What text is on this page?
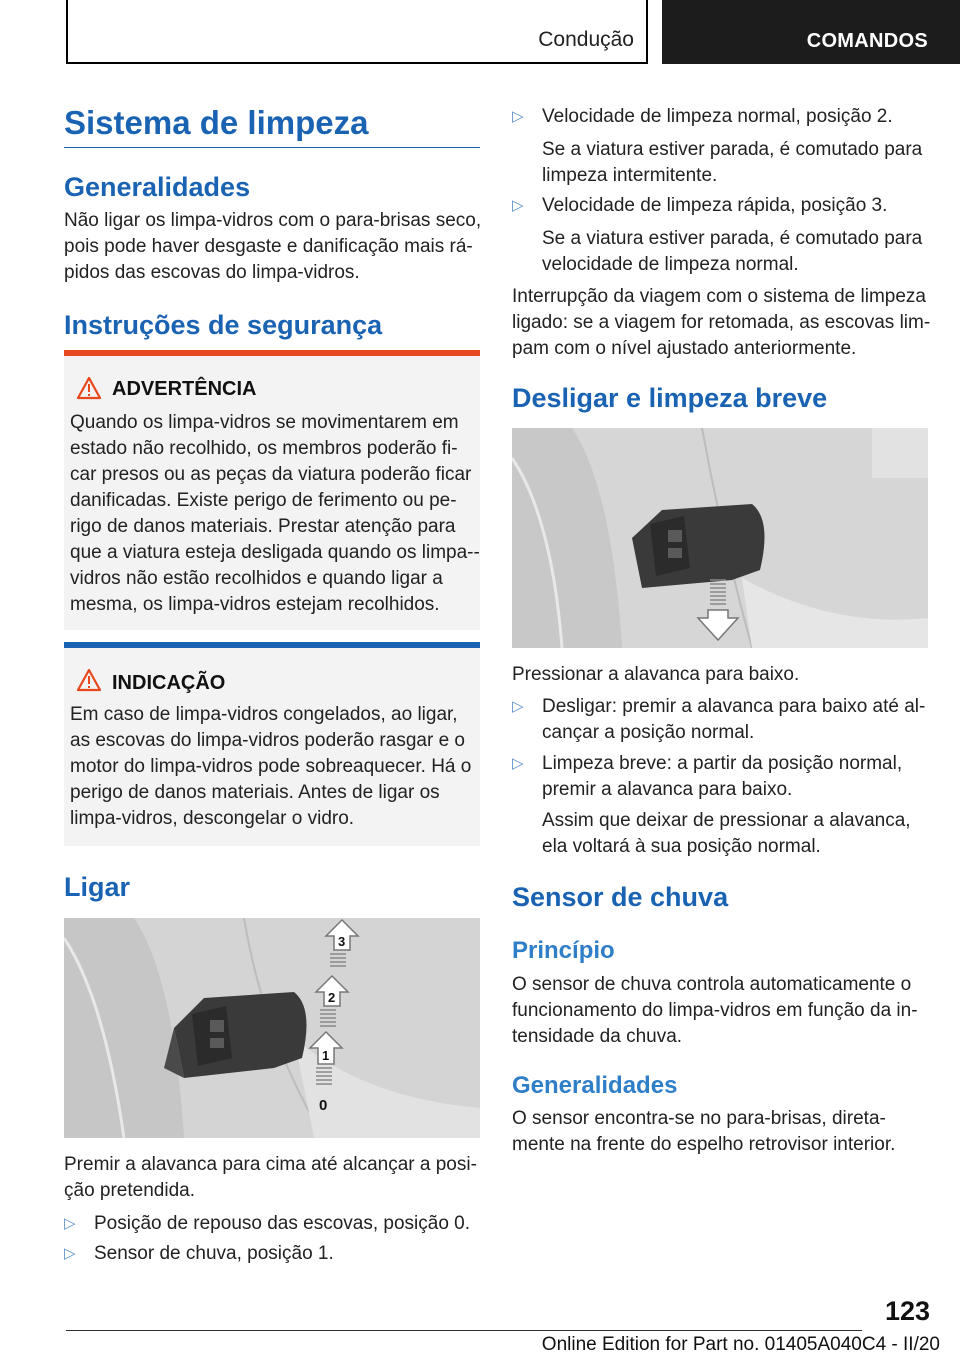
Condução	COMANDOS
Sistema de limpeza
Generalidades

Não ligar os limpa-vidros com o para-brisas seco, pois pode haver desgaste e danificação mais rá-pidos das escovas do limpa-vidros.

Instruções de segurança
ADVERTÊNCIA

Quando os limpa-vidros se movimentarem em estado não recolhido, os membros poderão fi-car presos ou as peças da viatura poderão ficar danificadas. Existe perigo de ferimento ou pe-rigo de danos materiais. Prestar atenção para que a viatura esteja desligada quando os limpa--vidros não estão recolhidos e quando ligar a mesma, os limpa-vidros estejam recolhidos.

INDICAÇÃO

Em caso de limpa-vidros congelados, ao ligar, as escovas do limpa-vidros poderão rasgar e o motor do limpa-vidros pode sobreaquecer. Há o perigo de danos materiais. Antes de ligar os limpa-vidros, descongelar o vidro.

Ligar
3
2
1
0

Premir a alavanca para cima até alcançar a posi-ção pretendida.

▷ Posição de repouso das escovas, posição 0.
▷ Sensor de chuva, posição 1.
▷ Velocidade de limpeza normal, posição 2.

Se a viatura estiver parada, é comutado para limpeza intermitente.

▷ Velocidade de limpeza rápida, posição 3.

Se a viatura estiver parada, é comutado para velocidade de limpeza normal.

Interrupção da viagem com o sistema de limpeza ligado: se a viagem for retomada, as escovas lim-pam com o nível ajustado anteriormente.

Desligar e limpeza breve

Pressionar a alavanca para baixo.

▷ Desligar: premir a alavanca para baixo até al-cançar a posição normal.
▷ Limpeza breve: a partir da posição normal, premir a alavanca para baixo.

Assim que deixar de pressionar a alavanca, ela voltará à sua posição normal.

Sensor de chuva
Princípio

O sensor de chuva controla automaticamente o funcionamento do limpa-vidros em função da in-tensidade da chuva.

Generalidades

O sensor encontra-se no para-brisas, direta-mente na frente do espelho retrovisor interior.

123
Online Edition for Part no. 01405A040C4 - II/20
